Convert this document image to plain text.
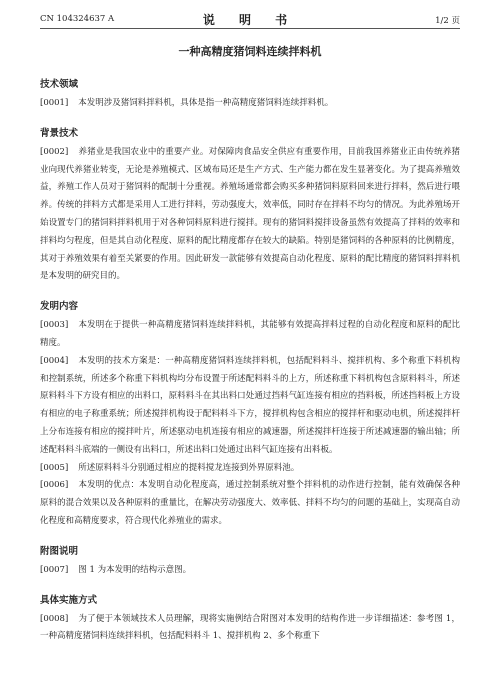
CN 104324637 A	说 明 书	1/2 页
一种高精度猪饲料连续拌料机
技术领域

[0001] 本发明涉及猪饲料拌料机，具体是指一种高精度猪饲料连续拌料机。

背景技术

[0002] 养猪业是我国农业中的重要产业。对保障肉食品安全供应有重要作用，目前我国养猪业正由传统养猪业向现代养猪业转变，无论是养殖模式、区域布局还是生产方式、生产能力都在发生显著变化。为了提高养殖效益，养殖工作人员对于猪饲料的配制十分重视。养殖场通常都会购买多种猪饲料原料回来进行拌料，然后进行喂养。传统的拌料方式都是采用人工进行拌料，劳动强度大，效率低，同时存在拌料不均匀的情况。为此养殖场开始设置专门的猪饲料拌料机用于对各种饲料原料进行搅拌。现有的猪饲料搅拌设备虽然有效提高了拌料的效率和拌料均匀程度，但是其自动化程度、原料的配比精度都存在较大的缺陷。特别是猪饲料的各种原料的比例精度，其对于养殖效果有着至关紧要的作用。因此研发一款能够有效提高自动化程度、原料的配比精度的猪饲料拌料机是本发明的研究目的。

发明内容

[0003] 本发明在于提供一种高精度猪饲料连续拌料机，其能够有效提高拌料过程的自动化程度和原料的配比精度。

[0004] 本发明的技术方案是：一种高精度猪饲料连续拌料机，包括配料料斗、搅拌机构、多个称重下料机构和控制系统，所述多个称重下料机构均分布设置于所述配料料斗的上方，所述称重下料机构包含原料料斗，所述原料料斗下方设有相应的出料口，原料料斗在其出料口处通过挡料气缸连接有相应的挡料板，所述挡料板上方设有相应的电子称重系统；所述搅拌机构设于配料料斗下方，搅拌机构包含相应的搅拌杆和驱动电机，所述搅拌杆上分布连接有相应的搅拌叶片，所述驱动电机连接有相应的减速器，所述搅拌杆连接于所述减速器的输出轴；所述配料料斗底端的一侧设有出料口，所述出料口处通过出料气缸连接有出料板。

[0005] 所述原料料斗分别通过相应的提料搅龙连接到外界原料池。

[0006] 本发明的优点：本发明自动化程度高，通过控制系统对整个拌料机的动作进行控制，能有效确保各种原料的混合效果以及各种原料的重量比，在解决劳动强度大、效率低、拌料不均匀的问题的基础上，实现高自动化程度和高精度要求，符合现代化养殖业的需求。

附图说明

[0007] 图 1 为本发明的结构示意图。

具体实施方式

[0008] 为了便于本领域技术人员理解，现将实施例结合附图对本发明的结构作进一步详细描述：参考图 1，一种高精度猪饲料连续拌料机，包括配料料斗 1、搅拌机构 2、多个称重下
